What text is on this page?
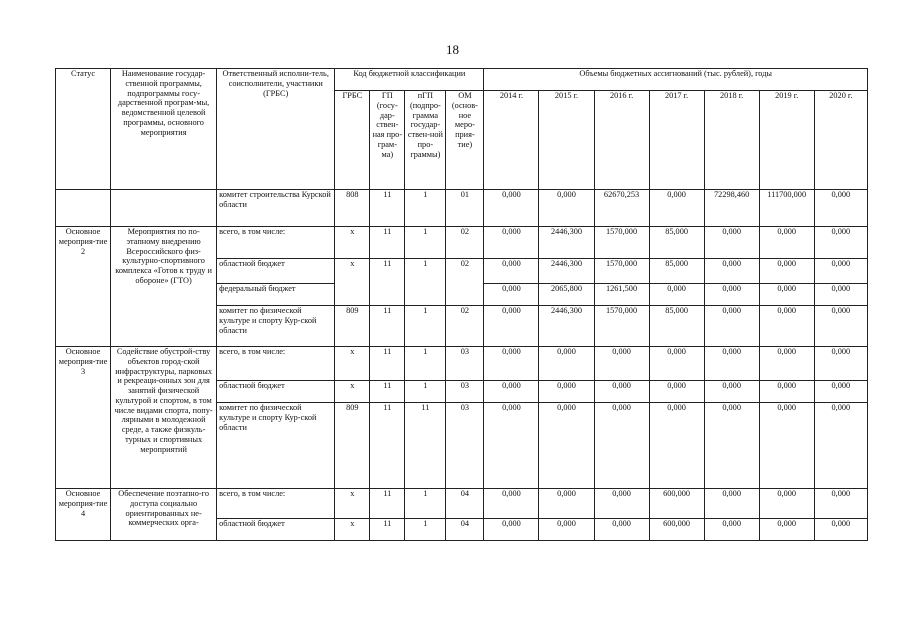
18
Статус	Наименование государ-ственной программы, подпрограммы госу-дарственной програм-мы, ведомственной целевой программы, основного мероприятия	Ответственный исполни-тель, соисполнители, участники (ГРБС)	Код бюджетной классификации				Объемы бюджетных ассигнований (тыс. рублей), годы						
			ГРБС	ГП (госу-дар-ствен-ная про-грам-ма)	пГП (подпро-грамма государ-ствен-ной про-граммы)	ОМ (основ-ное меро-прия-тие)	2014 г.	2015 г.	2016 г.	2017 г.	2018 г.	2019 г.	2020 г.
		комитет строительства Курской области	808	11	1	01	0,000	0,000	62670,253	0,000	72298,460	111700,000	0,000
Основное мероприя-тие 2	Мероприятия по по-этапному внедрению Всероссийского физ-культурно-спортивного комплекса «Готов к труду и обороне» (ГТО)	всего, в том числе:	х	11	1	02	0,000	2446,300	1570,000	85,000	0,000	0,000	0,000
		областной бюджет	х	11	1	02	0,000	2446,300	1570,000	85,000	0,000	0,000	0,000
		федеральный бюджет					0,000	2065,800	1261,500	0,000	0,000	0,000	0,000
		комитет по физической культуре и спорту Кур-ской области	809	11	1	02	0,000	2446,300	1570,000	85,000	0,000	0,000	0,000
Основное мероприя-тие 3	Содействие обустрой-ству объектов город-ской инфраструктуры, парковых и рекреаци-онных зон для занятий физической культурой и спортом, в том числе видами спорта, попу-лярными в молодежной среде, а также физкуль-турных и спортивных мероприятий	всего, в том числе:	х	11	1	03	0,000	0,000	0,000	0,000	0,000	0,000	0,000
		областной бюджет	х	11	1	03	0,000	0,000	0,000	0,000	0,000	0,000	0,000
		комитет по физической культуре и спорту Кур-ской области	809	11	11	03	0,000	0,000	0,000	0,000	0,000	0,000	0,000
Основное мероприя-тие 4	Обеспечение поэтапно-го доступа социально ориентированных не-коммерческих орга-	всего, в том числе:	х	11	1	04	0,000	0,000	0,000	600,000	0,000	0,000	0,000
		областной бюджет	х	11	1	04	0,000	0,000	0,000	600,000	0,000	0,000	0,000
